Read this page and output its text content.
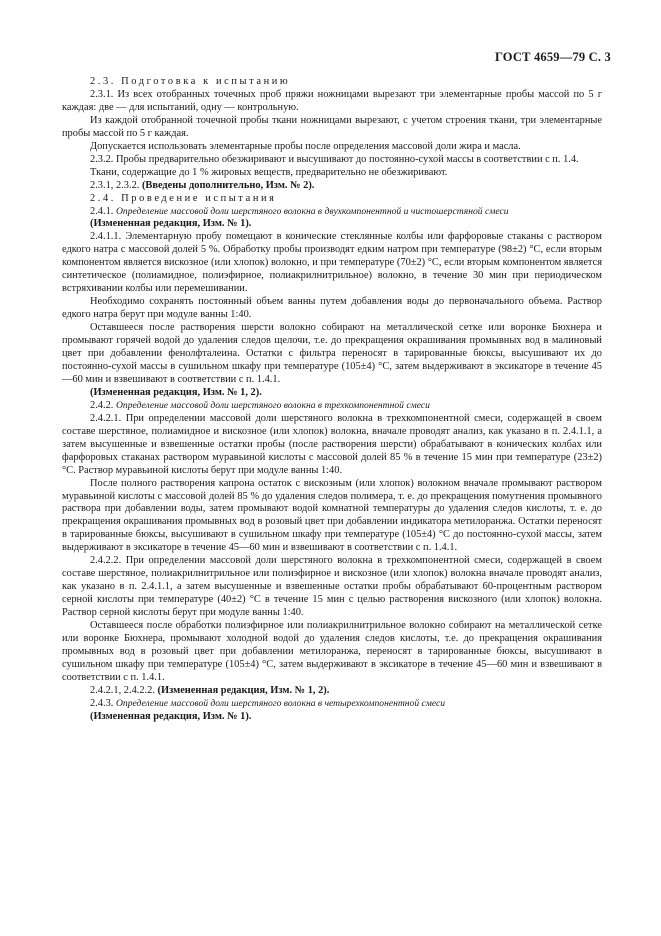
ГОСТ 4659—79 С. 3

2.3. Подготовка к испытанию

2.3.1. Из всех отобранных точечных проб пряжи ножницами вырезают три элементарные пробы массой по 5 г каждая: две — для испытаний, одну — контрольную.

Из каждой отобранной точечной пробы ткани ножницами вырезают, с учетом строения ткани, три элементарные пробы массой по 5 г каждая.

Допускается использовать элементарные пробы после определения массовой доли жира и масла.

2.3.2. Пробы предварительно обезжиривают и высушивают до постоянно-сухой массы в соответствии с п. 1.4.

Ткани, содержащие до 1 % жировых веществ, предварительно не обезжиривают.

2.3.1, 2.3.2. (Введены дополнительно, Изм. № 2).

2.4. Проведение испытания

2.4.1. Определение массовой доли шерстяного волокна в двухкомпонентной и чистошерстяной смеси

(Измененная редакция, Изм. № 1).

2.4.1.1. Элементарную пробу помещают в конические стеклянные колбы или фарфоровые стаканы с раствором едкого натра с массовой долей 5 %. Обработку пробы производят едким натром при температуре (98±2) °С, если вторым компонентом является вискозное (или хлопок) волокно, и при температуре (70±2) °С, если вторым компонентом является синтетическое (полиамидное, полиэфирное, полиакрилнитрильное) волокно, в течение 30 мин при периодическом встряхивании колбы или перемешивании.

Необходимо сохранять постоянный объем ванны путем добавления воды до первоначального объема. Раствор едкого натра берут при модуле ванны 1:40.

Оставшееся после растворения шерсти волокно собирают на металлической сетке или воронке Бюхнера и промывают горячей водой до удаления следов щелочи, т.е. до прекращения окрашивания промывных вод в малиновый цвет при добавлении фенолфталеина. Остатки с фильтра переносят в тарированные бюксы, высушивают их до постоянно-сухой массы в сушильном шкафу при температуре (105±4) °С, затем выдерживают в эксикаторе в течение 45—60 мин и взвешивают в соответствии с п. 1.4.1.

(Измененная редакция, Изм. № 1, 2).

2.4.2. Определение массовой доли шерстяного волокна в трехкомпонентной смеси

2.4.2.1. При определении массовой доли шерстяного волокна в трехкомпонентной смеси, содержащей в своем составе шерстяное, полиамидное и вискозное (или хлопок) волокна, вначале проводят анализ, как указано в п. 2.4.1.1, а затем высушенные и взвешенные остатки пробы (после растворения шерсти) обрабатывают в конических колбах или фарфоровых стаканах раствором муравьиной кислоты с массовой долей 85 % в течение 15 мин при температуре (23±2) °С. Раствор муравьиной кислоты берут при модуле ванны 1:40.

После полного растворения капрона остаток с вискозным (или хлопок) волокном вначале промывают раствором муравьиной кислоты с массовой долей 85 % до удаления следов полимера, т. е. до прекращения помутнения промывного раствора при добавлении воды, затем промывают водой комнатной температуры до удаления следов кислоты, т. е. до прекращения окрашивания промывных вод в розовый цвет при добавлении индикатора метилоранжа. Остатки переносят в тарированные бюксы, высушивают в сушильном шкафу при температуре (105±4) °С до постоянно-сухой массы, затем выдерживают в эксикаторе в течение 45—60 мин и взвешивают в соответствии с п. 1.4.1.

2.4.2.2. При определении массовой доли шерстяного волокна в трехкомпонентной смеси, содержащей в своем составе шерстяное, полиакрилнитрильное или полиэфирное и вискозное (или хлопок) волокна вначале проводят анализ, как указано в п. 2.4.1.1, а затем высушенные и взвешенные остатки пробы обрабатывают 60-процентным раствором серной кислоты при температуре (40±2) °С в течение 15 мин с целью растворения вискозного (или хлопок) волокна. Раствор серной кислоты берут при модуле ванны 1:40.

Оставшееся после обработки полиэфирное или полиакрилнитрильное волокно собирают на металлической сетке или воронке Бюхнера, промывают холодной водой до удаления следов кислоты, т.е. до прекращения окрашивания промывных вод в розовый цвет при добавлении метилоранжа, переносят в тарированные бюксы, высушивают в сушильном шкафу при температуре (105±4) °С, затем выдерживают в эксикаторе в течение 45—60 мин и взвешивают в соответствии с п. 1.4.1.

2.4.2.1, 2.4.2.2. (Измененная редакция, Изм. № 1, 2).

2.4.3. Определение массовой доли шерстяного волокна в четырехкомпонентной смеси

(Измененная редакция, Изм. № 1).
